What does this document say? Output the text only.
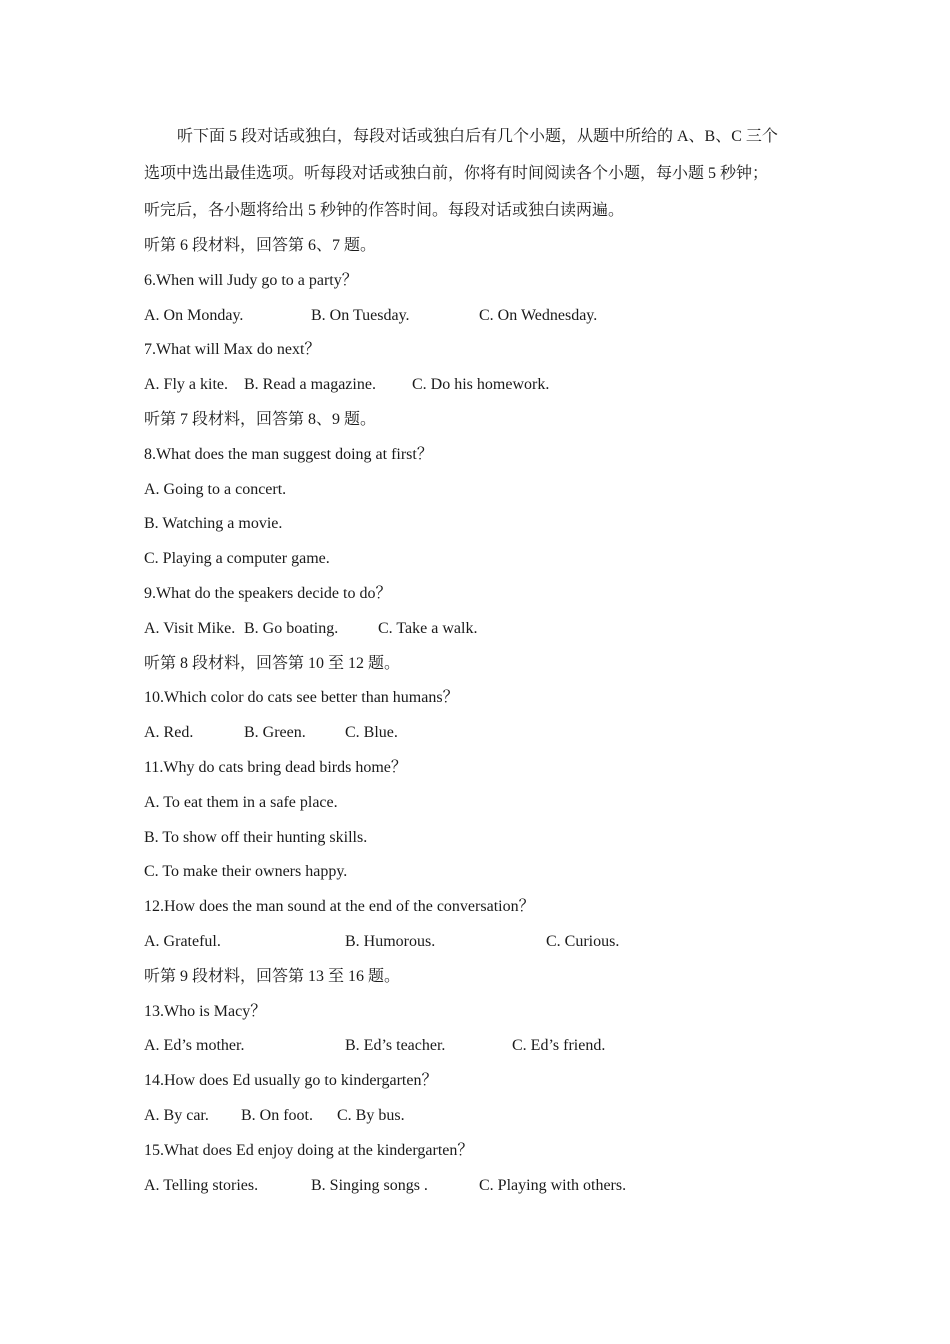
听下面 5 段对话或独白，每段对话或独白后有几个小题，从题中所给的 A、B、C 三个
选项中选出最佳选项。听每段对话或独白前，你将有时间阅读各个小题，每小题 5 秒钟；
听完后，各小题将给出 5 秒钟的作答时间。每段对话或独白读两遍。
听第 6 段材料，回答第 6、7 题。
6.When will Judy go to a party？
A. On Monday.	B. On Tuesday.	C. On Wednesday.
7.What will Max do next？
A. Fly a kite. B. Read a magazine. C. Do his homework.
听第 7 段材料，回答第 8、9 题。
8.What does the man suggest doing at first？
A. Going to a concert.
B. Watching a movie.
C. Playing a computer game.
9.What do the speakers decide to do？
A. Visit Mike. B. Go boating. C. Take a walk.
听第 8 段材料，回答第 10 至 12 题。
10.Which color do cats see better than humans？
A. Red.	B. Green. C. Blue.
11.Why do cats bring dead birds home？
A. To eat them in a safe place.
B. To show off their hunting skills.
C. To make their owners happy.
12.How does the man sound at the end of the conversation？
A. Grateful.	B. Humorous.	C. Curious.
听第 9 段材料，回答第 13 至 16 题。
13.Who is Macy？
A. Ed’s mother.	B. Ed’s teacher.	C. Ed’s friend.
14.How does Ed usually go to kindergarten？
A. By car. B. On foot. C. By bus.
15.What does Ed enjoy doing at the kindergarten？
A. Telling stories.	B. Singing songs .	C. Playing with others.
